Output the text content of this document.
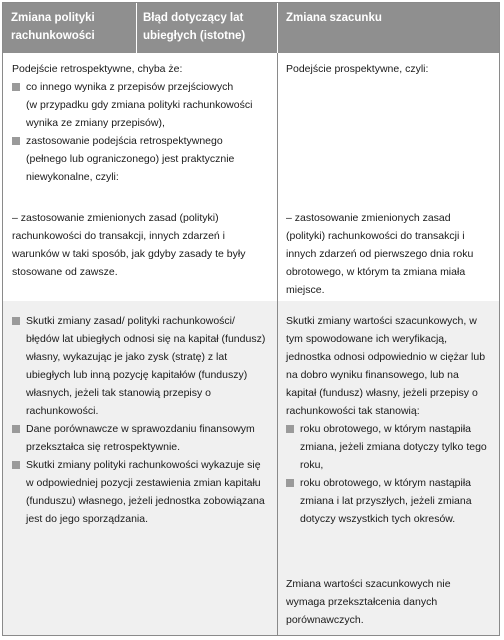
Zmiana polityki rachunkowości
Błąd dotyczący lat ubiegłych (istotne)
Zmiana szacunku

Podejście retrospektywne, chyba że:

co innego wynika z przepisów przejściowych

(w przypadku gdy zmiana polityki rachunkowości wynika ze zmiany przepisów),

zastosowanie podejścia retrospektywnego

(pełnego lub ograniczonego) jest praktycznie niewykonalne, czyli:

– zastosowanie zmienionych zasad (polityki) rachunkowości do transakcji, innych zdarzeń i warunków w taki sposób, jak gdyby zasady te były stosowane od zawsze.
Podejście prospektywne, czyli:
– zastosowanie zmienionych zasad (polityki) rachunkowości do transakcji i innych zdarzeń od pierwszego dnia roku obrotowego, w którym ta zmiana miała miejsce.
Skutki zmiany zasad/ polityki rachunkowości/ błędów lat ubiegłych odnosi się na kapitał (fundusz) własny, wykazując je jako zysk (stratę) z lat ubiegłych lub inną pozycję kapitałów (funduszy) własnych, jeżeli tak stanowią przepisy o rachunkowości.
Dane porównawcze w sprawozdaniu finansowym przekształca się retrospektywnie.
Skutki zmiany polityki rachunkowości wykazuje się w odpowiedniej pozycji zestawienia zmian kapitału (funduszu) własnego, jeżeli jednostka zobowiązana jest do jego sporządzania.

Skutki zmiany wartości szacunkowych, w tym spowodowane ich weryfikacją, jednostka odnosi odpowiednio w ciężar lub na dobro wyniku finansowego, lub na kapitał (fundusz) własny, jeżeli przepisy o rachunkowości tak stanowią:

roku obrotowego, w którym nastąpiła zmiana, jeżeli zmiana dotyczy tylko tego roku,
roku obrotowego, w którym nastąpiła zmiana i lat przyszłych, jeżeli zmiana dotyczy wszystkich tych okresów.
Zmiana wartości szacunkowych nie wymaga przekształcenia danych porównawczych.
